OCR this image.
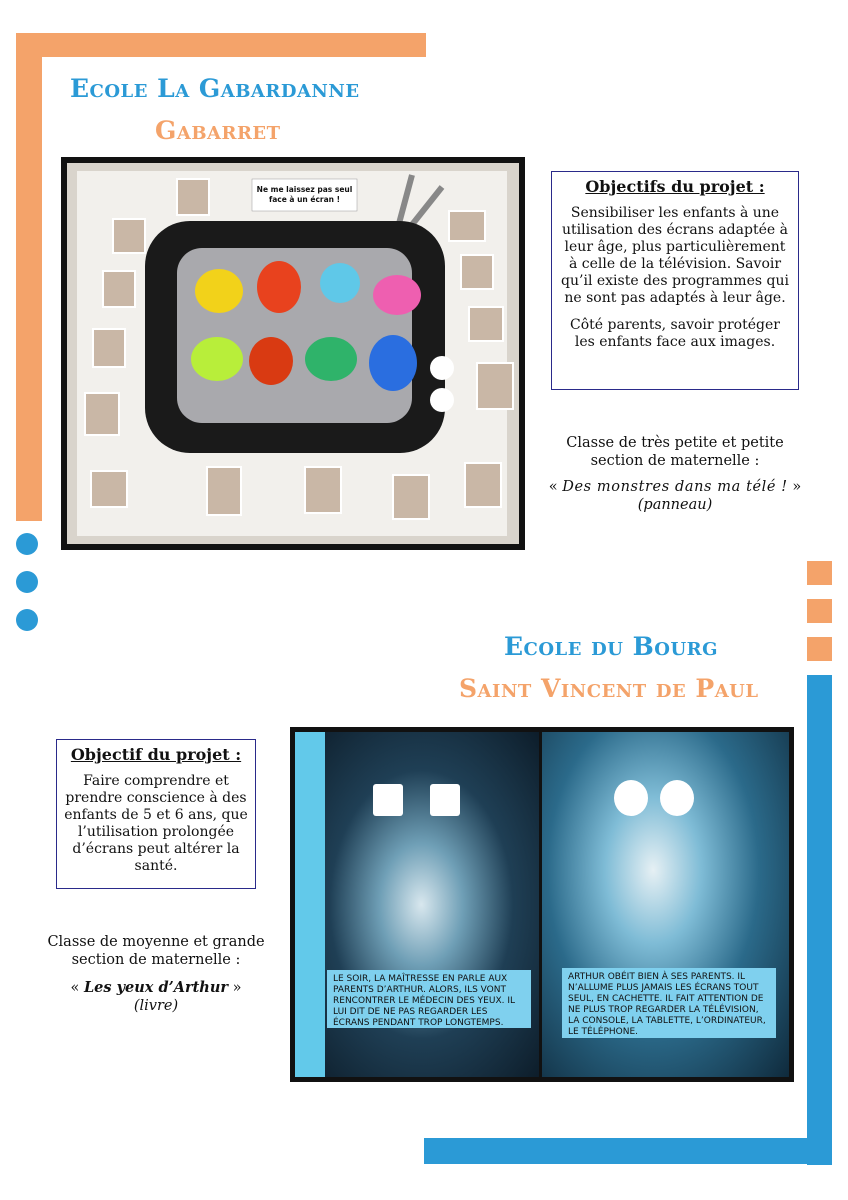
Ecole La Gabardanne
Gabarret
Ne me laissez pas seul face à un écran !
Objectifs du projet :

Sensibiliser les enfants à une utilisation des écrans adaptée à leur âge, plus particulièrement à celle de la télévision. Savoir qu’il existe des programmes qui ne sont pas adaptés à leur âge.

Côté parents, savoir protéger les enfants face aux images.

Classe de très petite et petite section de maternelle :
« Des monstres dans ma télé ! »
(panneau)
Ecole du Bourg
Saint Vincent de Paul
Objectif du projet :

Faire comprendre et prendre conscience à des enfants de 5 et 6 ans, que l’utilisation prolongée d’écrans peut altérer la santé.

Classe de moyenne et grande section de maternelle :
« Les yeux d’Arthur »
(livre)
LE SOIR, LA MAÎTRESSE EN PARLE AUX PARENTS D’ARTHUR. ALORS, ILS VONT RENCONTRER LE MÉDECIN DES YEUX. IL LUI DIT DE NE PAS REGARDER LES ÉCRANS PENDANT TROP LONGTEMPS.
ARTHUR OBÉIT BIEN À SES PARENTS. IL N’ALLUME PLUS JAMAIS LES ÉCRANS TOUT SEUL, EN CACHETTE. IL FAIT ATTENTION DE NE PLUS TROP REGARDER LA TÉLÉVISION, LA CONSOLE, LA TABLETTE, L’ORDINATEUR, LE TÉLÉPHONE.
